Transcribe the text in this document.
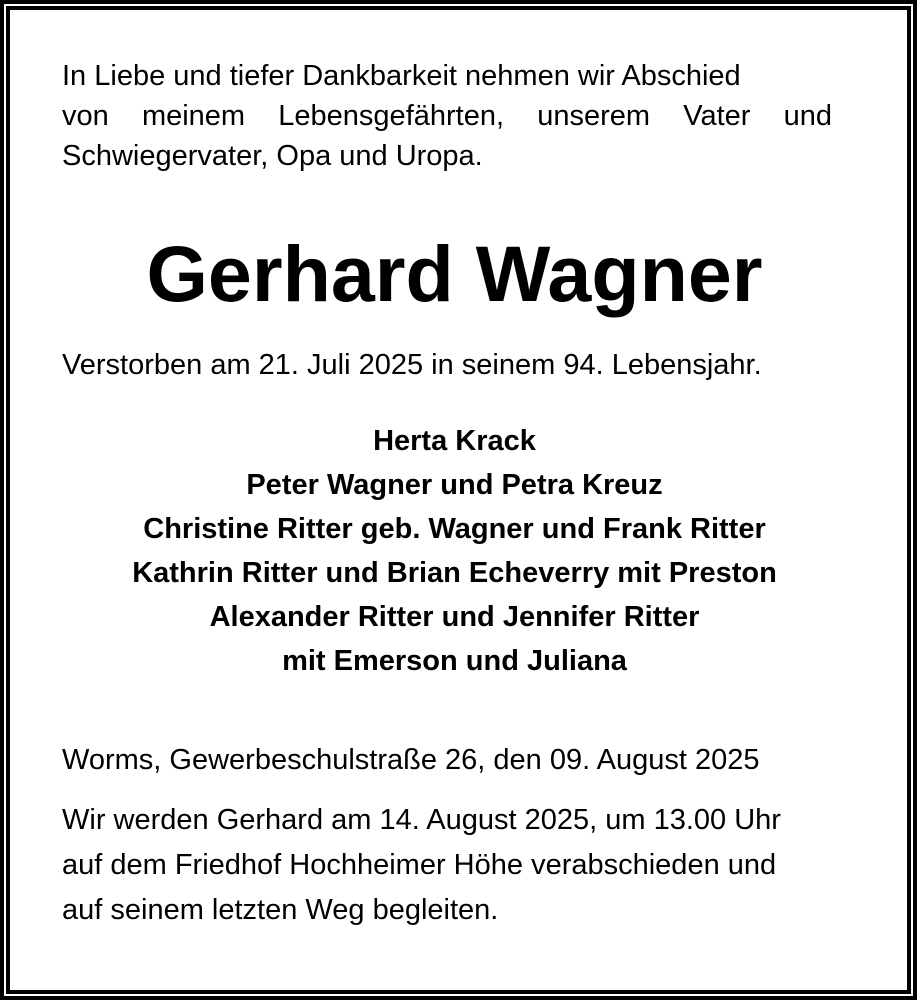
In Liebe und tiefer Dankbarkeit nehmen wir Abschied
von meinem Lebensgefährten, unserem Vater und
Schwiegervater, Opa und Uropa.
Gerhard Wagner
Verstorben am 21. Juli 2025 in seinem 94. Lebensjahr.
Herta Krack
Peter Wagner und Petra Kreuz
Christine Ritter geb. Wagner und Frank Ritter
Kathrin Ritter und Brian Echeverry mit Preston
Alexander Ritter und Jennifer Ritter
mit Emerson und Juliana
Worms, Gewerbeschulstraße 26, den 09. August 2025
Wir werden Gerhard am 14. August 2025, um 13.00 Uhr
auf dem Friedhof Hochheimer Höhe verabschieden und
auf seinem letzten Weg begleiten.
